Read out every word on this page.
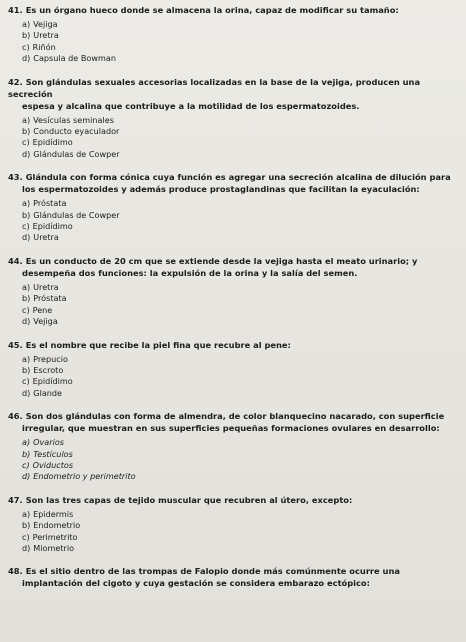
41. Es un órgano hueco donde se almacena la orina, capaz de modificar su tamaño:
a) Vejiga
b) Uretra
c) Riñón
d) Capsula de Bowman
42. Son glándulas sexuales accesorias localizadas en la base de la vejiga, producen una secreción
espesa y alcalina que contribuye a la motilidad de los espermatozoides.
a) Vesículas seminales
b) Conducto eyaculador
c) Epidídimo
d) Glándulas de Cowper
43. Glándula con forma cónica cuya función es agregar una secreción alcalina de dilución para
los espermatozoides y además produce prostaglandinas que facilitan la eyaculación:
a) Próstata
b) Glándulas de Cowper
c) Epidídimo
d) Uretra
44. Es un conducto de 20 cm que se extiende desde la vejiga hasta el meato urinario; y
desempeña dos funciones: la expulsión de la orina y la salía del semen.
a) Uretra
b) Próstata
c) Pene
d) Vejiga
45. Es el nombre que recibe la piel fina que recubre al pene:
a) Prepucio
b) Escroto
c) Epidídimo
d) Glande
46. Son dos glándulas con forma de almendra, de color blanquecino nacarado, con superficie
irregular, que muestran en sus superficies pequeñas formaciones ovulares en desarrollo:
a) Ovarios
b) Testículos
c) Oviductos
d) Endometrio y perimetrito
47. Son las tres capas de tejido muscular que recubren al útero, excepto:
a) Epidermis
b) Endometrio
c) Perimetrito
d) Miometrio
48. Es el sitio dentro de las trompas de Falopio donde más comúnmente ocurre una
implantación del cigoto y cuya gestación se considera embarazo ectópico:
